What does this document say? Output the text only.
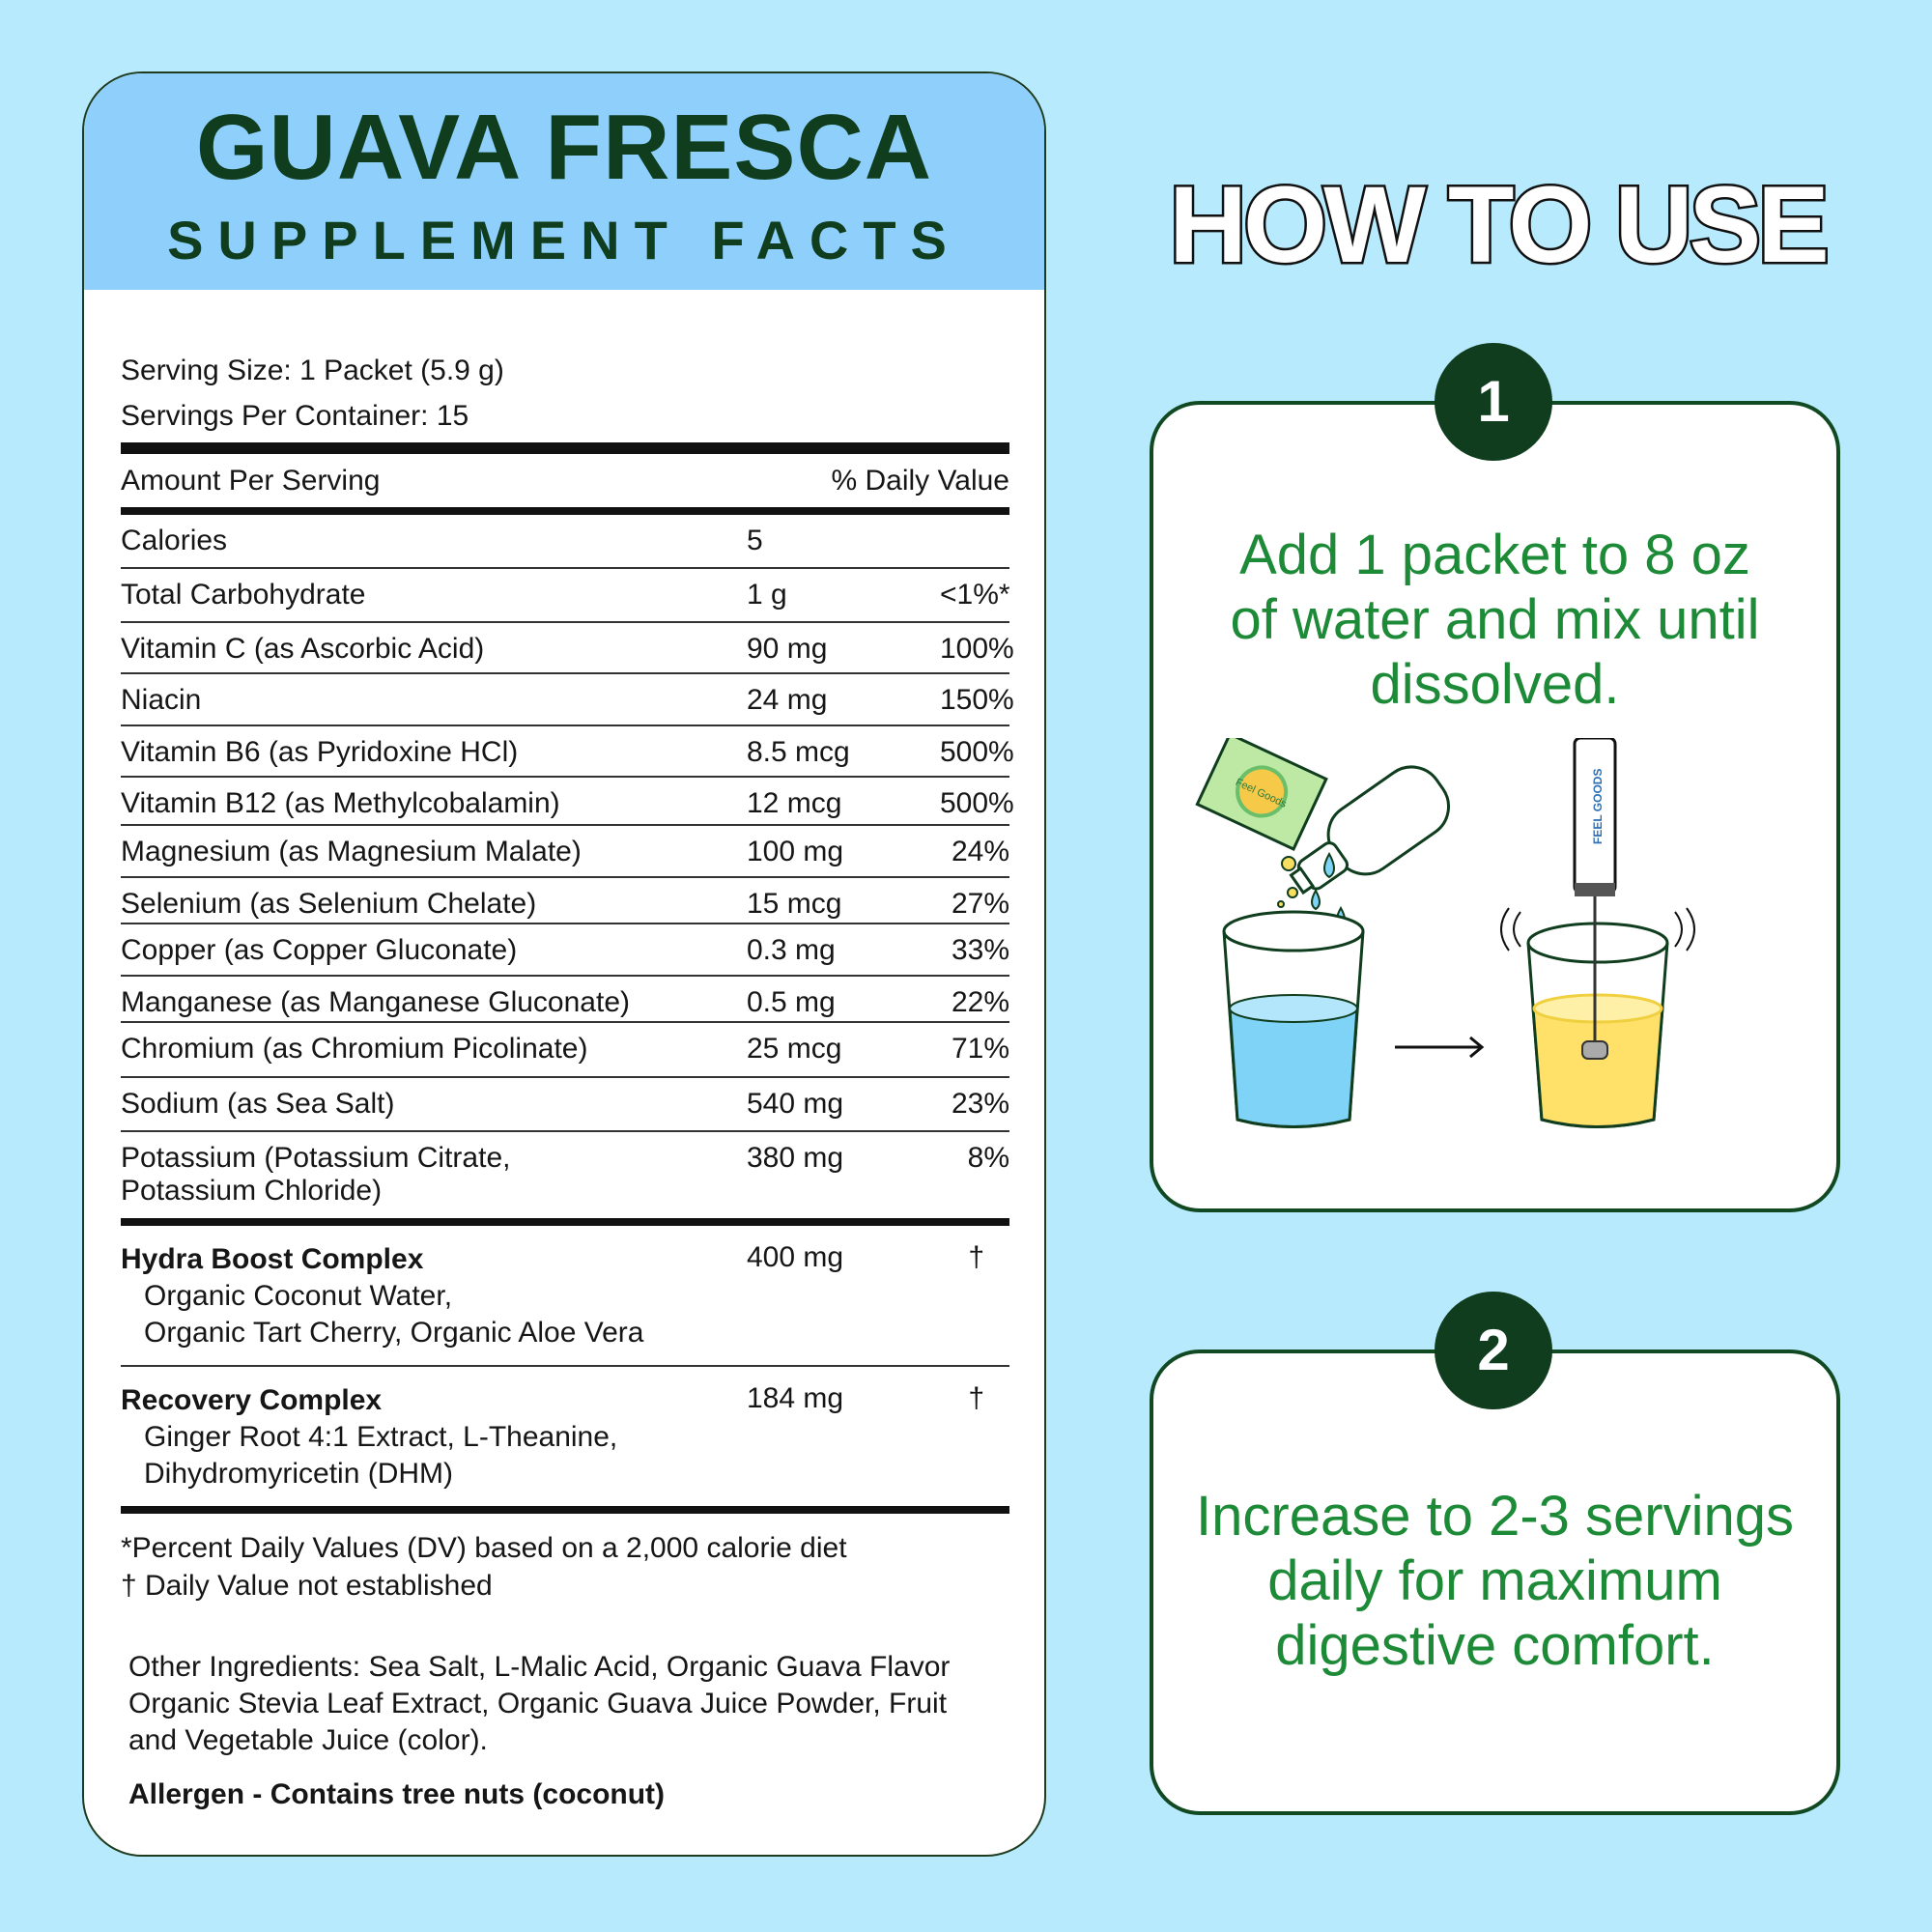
GUAVA FRESCA
SUPPLEMENT FACTS
Serving Size: 1 Packet (5.9 g)
Servings Per Container: 15
Amount Per Serving	% Daily Value
Calories	5
Total Carbohydrate	1 g	<1%*
Vitamin C (as Ascorbic Acid)	90 mg	100%
Niacin	24 mg	150%
Vitamin B6 (as Pyridoxine HCl)	8.5 mcg	500%
Vitamin B12 (as Methylcobalamin)	12 mcg	500%
Magnesium (as Magnesium Malate)	100 mg	24%
Selenium (as Selenium Chelate)	15 mcg	27%
Copper (as Copper Gluconate)	0.3 mg	33%
Manganese (as Manganese Gluconate)	0.5 mg	22%
Chromium (as Chromium Picolinate)	25 mcg	71%
Sodium (as Sea Salt)	540 mg	23%
Potassium (Potassium Citrate,
Potassium Chloride)
380 mg	8%
Hydra Boost Complex
Organic Coconut Water,
Organic Tart Cherry, Organic Aloe Vera
400 mg	†
Recovery Complex
Ginger Root 4:1 Extract, L-Theanine,
Dihydromyricetin (DHM)
184 mg	†
*Percent Daily Values (DV) based on a 2,000 calorie diet
† Daily Value not established
Other Ingredients: Sea Salt, L-Malic Acid, Organic Guava Flavor
Organic Stevia Leaf Extract, Organic Guava Juice Powder, Fruit
and Vegetable Juice (color).
Allergen - Contains tree nuts (coconut)
HOW TO USE
Add 1 packet to 8 oz
of water and mix until
dissolved.
Feel Goods	FEEL GOODS
1
Increase to 2-3 servings
daily for maximum
digestive comfort.
2
